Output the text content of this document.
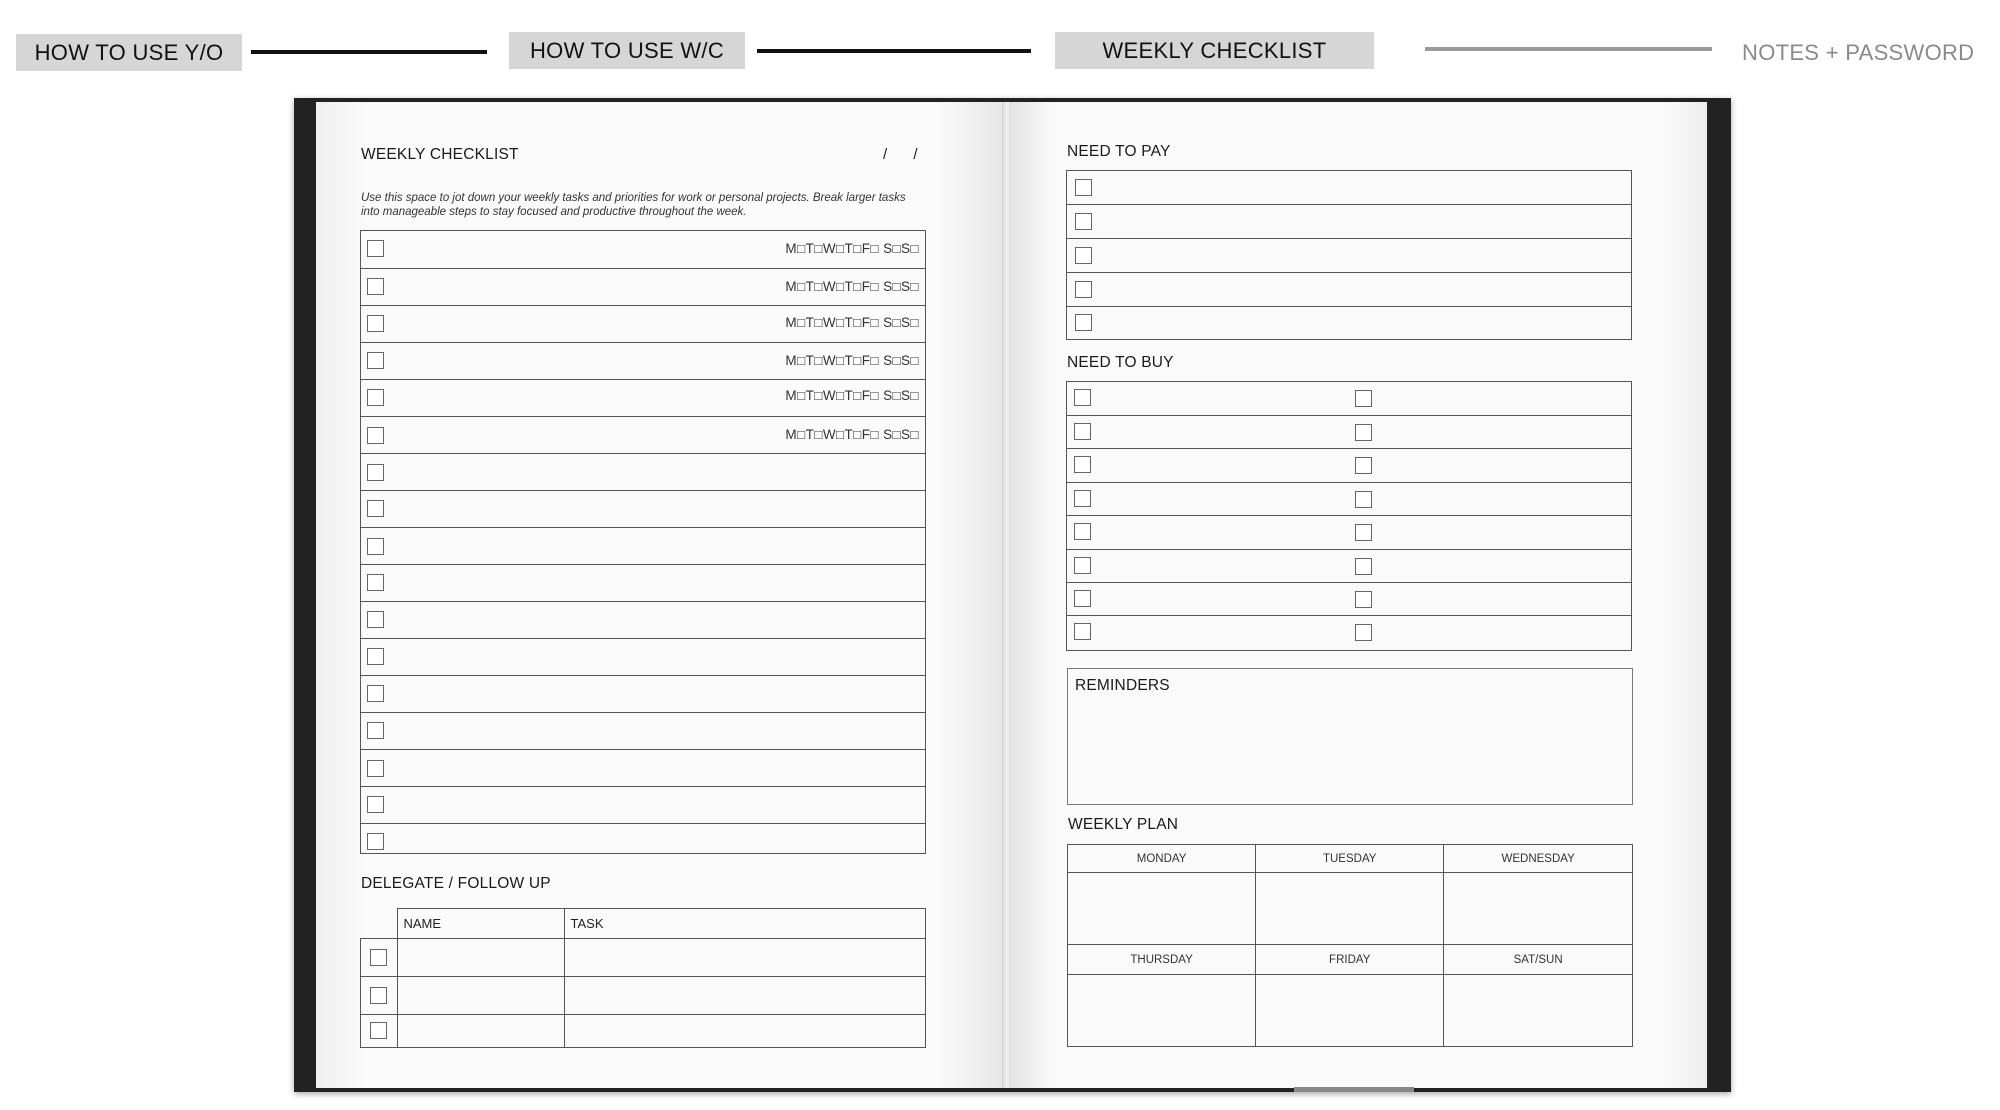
HOW TO USE Y/O	HOW TO USE W/C	WEEKLY CHECKLIST	NOTES + PASSWORD
WEEKLY CHECKLIST	/ /
Use this space to jot down your weekly tasks and priorities for work or personal projects. Break larger tasks
into manageable steps to stay focused and productive throughout the week.
M□T□W□T□F□ S□S□
M□T□W□T□F□ S□S□
M□T□W□T□F□ S□S□
M□T□W□T□F□ S□S□
M□T□W□T□F□ S□S□
M□T□W□T□F□ S□S□
DELEGATE / FOLLOW UP
	NAME	TASK

NEED TO PAY
NEED TO BUY
REMINDERS
WEEKLY PLAN
MONDAY	TUESDAY	WEDNESDAY

THURSDAY	FRIDAY	SAT/SUN
